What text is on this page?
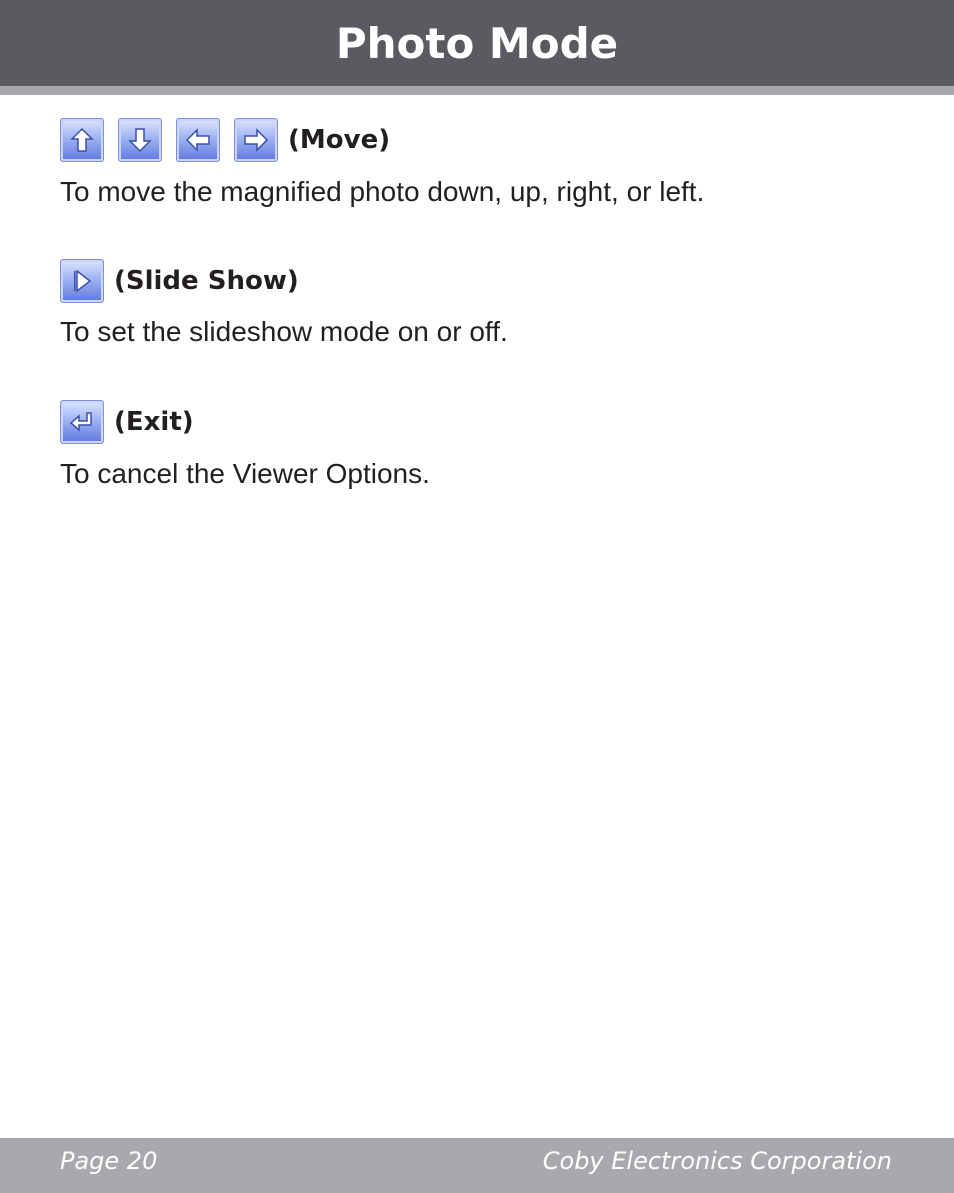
Photo Mode
(Move)

To move the magnified photo down, up, right, or left.

(Slide Show)

To set the slideshow mode on or off.

(Exit)

To cancel the Viewer Options.

Page 20	Coby Electronics Corporation
